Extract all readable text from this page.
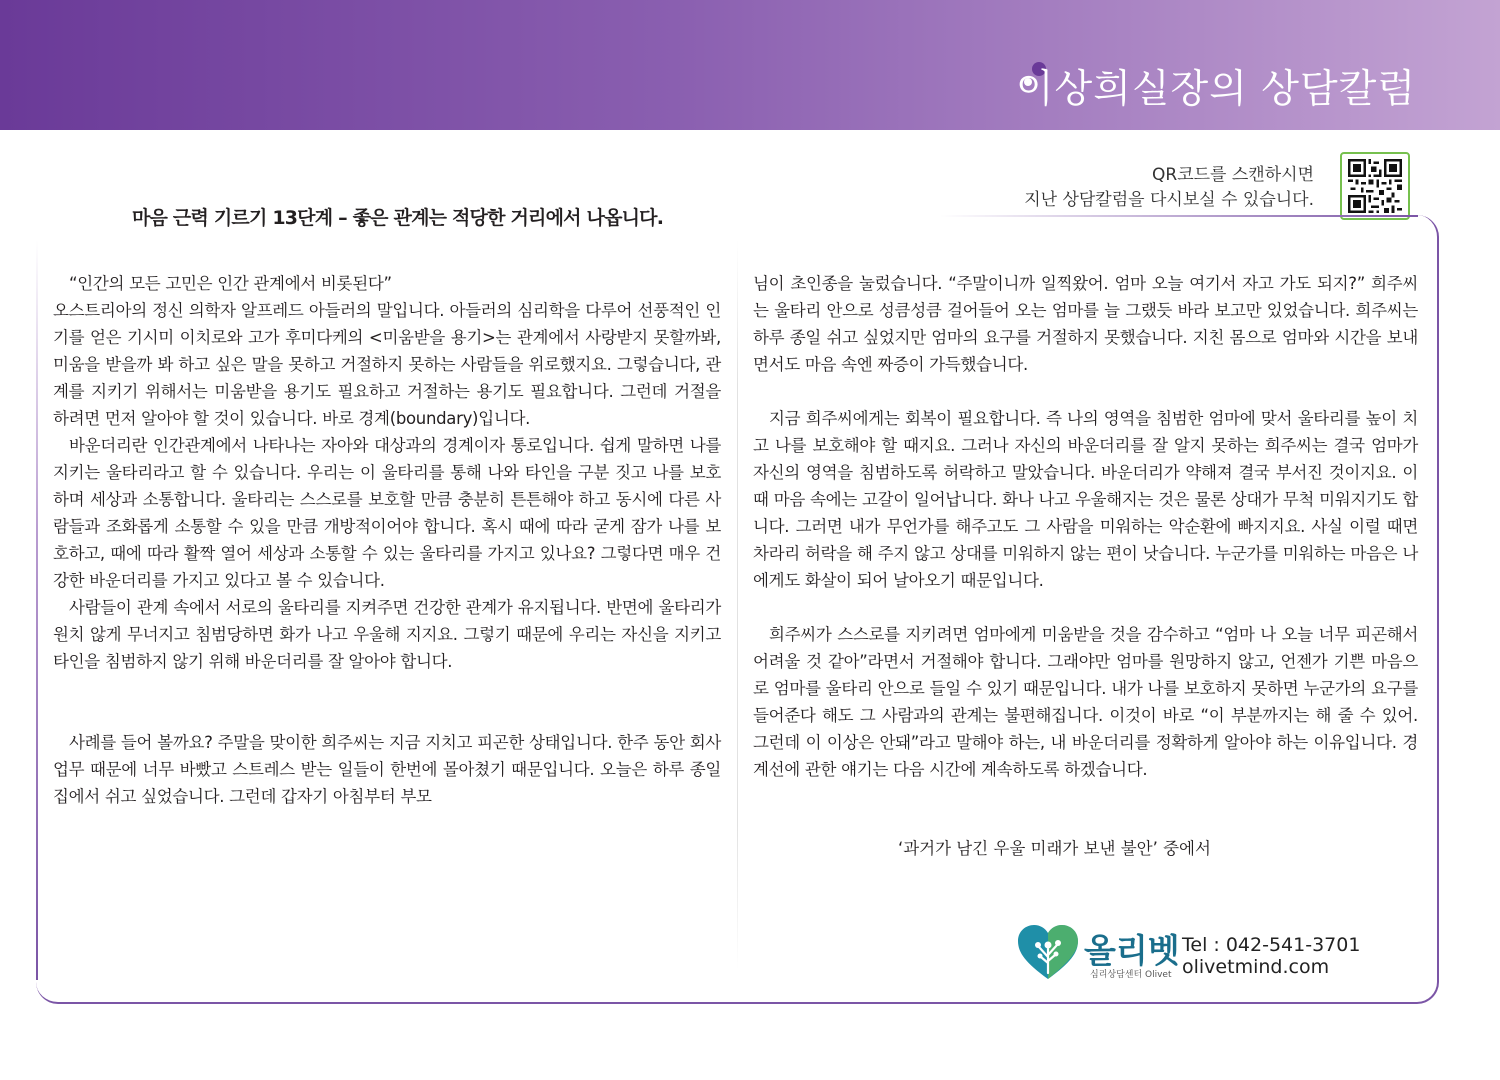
이상희실장의 상담칼럼
QR코드를 스캔하시면
지난 상담칼럼을 다시보실 수 있습니다.
마음 근력 기르기 13단계 – 좋은 관계는 적당한 거리에서 나옵니다.

“인간의 모든 고민은 인간 관계에서 비롯된다”

오스트리아의 정신 의학자 알프레드 아들러의 말입니다. 아들러의 심리학을 다루어 선풍적인 인기를 얻은 기시미 이치로와 고가 후미다케의 <미움받을 용기>는 관계에서 사랑받지 못할까봐, 미움을 받을까 봐 하고 싶은 말을 못하고 거절하지 못하는 사람들을 위로했지요. 그렇습니다, 관계를 지키기 위해서는 미움받을 용기도 필요하고 거절하는 용기도 필요합니다. 그런데 거절을 하려면 먼저 알아야 할 것이 있습니다. 바로 경계(boundary)입니다.

바운더리란 인간관계에서 나타나는 자아와 대상과의 경계이자 통로입니다. 쉽게 말하면 나를 지키는 울타리라고 할 수 있습니다. 우리는 이 울타리를 통해 나와 타인을 구분 짓고 나를 보호하며 세상과 소통합니다. 울타리는 스스로를 보호할 만큼 충분히 튼튼해야 하고 동시에 다른 사람들과 조화롭게 소통할 수 있을 만큼 개방적이어야 합니다. 혹시 때에 따라 굳게 잠가 나를 보호하고, 때에 따라 활짝 열어 세상과 소통할 수 있는 울타리를 가지고 있나요? 그렇다면 매우 건강한 바운더리를 가지고 있다고 볼 수 있습니다.

사람들이 관계 속에서 서로의 울타리를 지켜주면 건강한 관계가 유지됩니다. 반면에 울타리가 원치 않게 무너지고 침범당하면 화가 나고 우울해 지지요. 그렇기 때문에 우리는 자신을 지키고 타인을 침범하지 않기 위해 바운더리를 잘 알아야 합니다.

사례를 들어 볼까요? 주말을 맞이한 희주씨는 지금 지치고 피곤한 상태입니다. 한주 동안 회사 업무 때문에 너무 바빴고 스트레스 받는 일들이 한번에 몰아쳤기 때문입니다. 오늘은 하루 종일 집에서 쉬고 싶었습니다. 그런데 갑자기 아침부터 부모

님이 초인종을 눌렀습니다. “주말이니까 일찍왔어. 엄마 오늘 여기서 자고 가도 되지?” 희주씨는 울타리 안으로 성큼성큼 걸어들어 오는 엄마를 늘 그랬듯 바라 보고만 있었습니다. 희주씨는 하루 종일 쉬고 싶었지만 엄마의 요구를 거절하지 못했습니다. 지친 몸으로 엄마와 시간을 보내면서도 마음 속엔 짜증이 가득했습니다.

지금 희주씨에게는 회복이 필요합니다. 즉 나의 영역을 침범한 엄마에 맞서 울타리를 높이 치고 나를 보호해야 할 때지요. 그러나 자신의 바운더리를 잘 알지 못하는 희주씨는 결국 엄마가 자신의 영역을 침범하도록 허락하고 말았습니다. 바운더리가 약해져 결국 부서진 것이지요. 이 때 마음 속에는 고갈이 일어납니다. 화나 나고 우울해지는 것은 물론 상대가 무척 미워지기도 합니다. 그러면 내가 무언가를 해주고도 그 사람을 미워하는 악순환에 빠지지요. 사실 이럴 때면 차라리 허락을 해 주지 않고 상대를 미워하지 않는 편이 낫습니다. 누군가를 미워하는 마음은 나에게도 화살이 되어 날아오기 때문입니다.

희주씨가 스스로를 지키려면 엄마에게 미움받을 것을 감수하고 “엄마 나 오늘 너무 피곤해서 어려울 것 같아”라면서 거절해야 합니다. 그래야만 엄마를 원망하지 않고, 언젠가 기쁜 마음으로 엄마를 울타리 안으로 들일 수 있기 때문입니다. 내가 나를 보호하지 못하면 누군가의 요구를 들어준다 해도 그 사람과의 관계는 불편해집니다. 이것이 바로 “이 부분까지는 해 줄 수 있어. 그런데 이 이상은 안돼”라고 말해야 하는, 내 바운더리를 정확하게 알아야 하는 이유입니다. 경계선에 관한 얘기는 다음 시간에 계속하도록 하겠습니다.

‘과거가 남긴 우울 미래가 보낸 불안’ 중에서
올리벳
심리상담센터 Olivet
Tel : 042-541-3701
olivetmind.com
